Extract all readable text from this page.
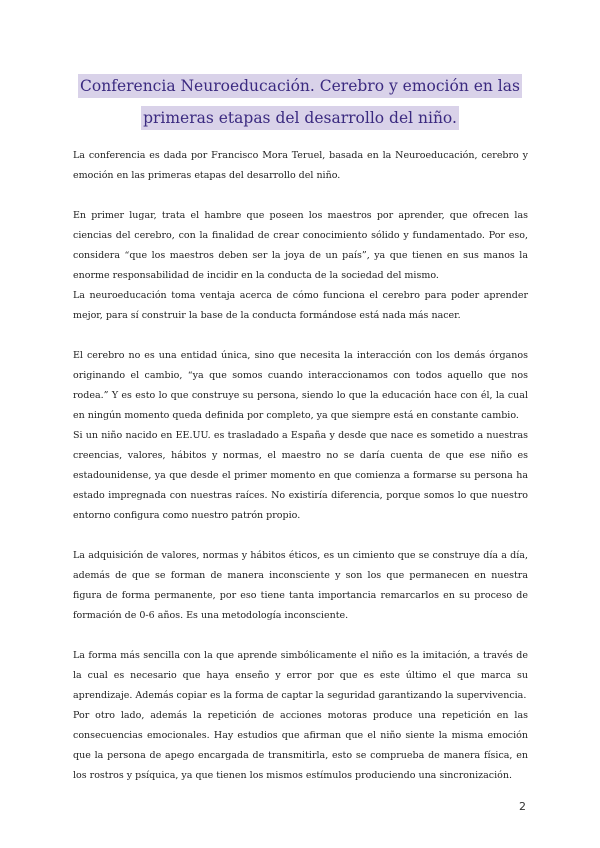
Conferencia Neuroeducación. Cerebro y emoción en las
primeras etapas del desarrollo del niño.

La conferencia es dada por Francisco Mora Teruel, basada en la Neuroeducación, cerebro y emoción en las primeras etapas del desarrollo del niño.

En primer lugar, trata el hambre que poseen los maestros por aprender, que ofrecen las ciencias del cerebro, con la finalidad de crear conocimiento sólido y fundamentado. Por eso, considera “que los maestros deben ser la joya de un país”, ya que tienen en sus manos la enorme responsabilidad de incidir en la conducta de la sociedad del mismo.

La neuroeducación toma ventaja acerca de cómo funciona el cerebro para poder aprender mejor, para sí construir la base de la conducta formándose está nada más nacer.

El cerebro no es una entidad única, sino que necesita la interacción con los demás órganos originando el cambio, “ya que somos cuando interaccionamos con todos aquello que nos rodea.” Y es esto lo que construye su persona, siendo lo que la educación hace con él, la cual en ningún momento queda definida por completo, ya que siempre está en constante cambio.

Si un niño nacido en EE.UU. es trasladado a España y desde que nace es sometido a nuestras creencias, valores, hábitos y normas, el maestro no se daría cuenta de que ese niño es estadounidense, ya que desde el primer momento en que comienza a formarse su persona ha estado impregnada con nuestras raíces. No existiría diferencia, porque somos lo que nuestro entorno configura como nuestro patrón propio.

La adquisición de valores, normas y hábitos éticos, es un cimiento que se construye día a día, además de que se forman de manera inconsciente y son los que permanecen en nuestra figura de forma permanente, por eso tiene tanta importancia remarcarlos en su proceso de formación de 0-6 años. Es una metodología inconsciente.

La forma más sencilla con la que aprende simbólicamente el niño es la imitación, a través de la cual es necesario que haya enseño y error por que es este último el que marca su aprendizaje. Además copiar es la forma de captar la seguridad garantizando la supervivencia.

Por otro lado, además la repetición de acciones motoras produce una repetición en las consecuencias emocionales. Hay estudios que afirman que el niño siente la misma emoción que la persona de apego encargada de transmitirla, esto se comprueba de manera física, en los rostros y psíquica, ya que tienen los mismos estímulos produciendo una sincronización.

2
